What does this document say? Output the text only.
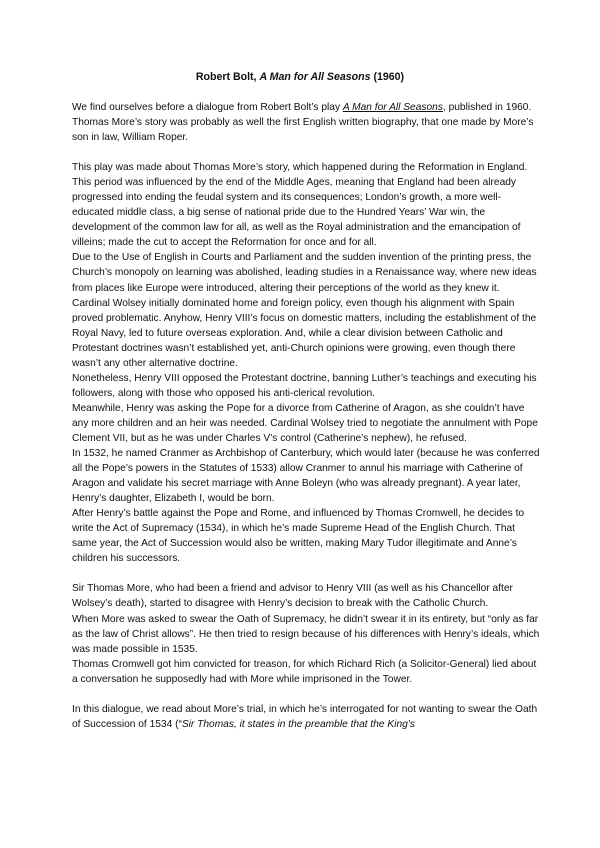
Robert Bolt, A Man for All Seasons (1960)

We find ourselves before a dialogue from Robert Bolt’s play A Man for All Seasons, published in 1960. Thomas More’s story was probably as well the first English written biography, that one made by More’s son in law, William Roper.

This play was made about Thomas More’s story, which happened during the Reformation in England. This period was influenced by the end of the Middle Ages, meaning that England had been already progressed into ending the feudal system and its consequences; London’s growth, a more well-educated middle class, a big sense of national pride due to the Hundred Years’ War win, the development of the common law for all, as well as the Royal administration and the emancipation of villeins; made the cut to accept the Reformation for once and for all.

Due to the Use of English in Courts and Parliament and the sudden invention of the printing press, the Church’s monopoly on learning was abolished, leading studies in a Renaissance way, where new ideas from places like Europe were introduced, altering their perceptions of the world as they knew it.

Cardinal Wolsey initially dominated home and foreign policy, even though his alignment with Spain proved problematic. Anyhow, Henry VIII’s focus on domestic matters, including the establishment of the Royal Navy, led to future overseas exploration. And, while a clear division between Catholic and Protestant doctrines wasn’t established yet, anti-Church opinions were growing, even though there wasn’t any other alternative doctrine.

Nonetheless, Henry VIII opposed the Protestant doctrine, banning Luther’s teachings and executing his followers, along with those who opposed his anti-clerical revolution.

Meanwhile, Henry was asking the Pope for a divorce from Catherine of Aragon, as she couldn’t have any more children and an heir was needed. Cardinal Wolsey tried to negotiate the annulment with Pope Clement VII, but as he was under Charles V’s control (Catherine’s nephew), he refused.

In 1532, he named Cranmer as Archbishop of Canterbury, which would later (because he was conferred all the Pope’s powers in the Statutes of 1533) allow Cranmer to annul his marriage with Catherine of Aragon and validate his secret marriage with Anne Boleyn (who was already pregnant). A year later, Henry’s daughter, Elizabeth I, would be born.

After Henry’s battle against the Pope and Rome, and influenced by Thomas Cromwell, he decides to write the Act of Supremacy (1534), in which he’s made Supreme Head of the English Church. That same year, the Act of Succession would also be written, making Mary Tudor illegitimate and Anne’s children his successors.

Sir Thomas More, who had been a friend and advisor to Henry VIII (as well as his Chancellor after Wolsey’s death), started to disagree with Henry’s decision to break with the Catholic Church.

When More was asked to swear the Oath of Supremacy, he didn’t swear it in its entirety, but “only as far as the law of Christ allows”. He then tried to resign because of his differences with Henry’s ideals, which was made possible in 1535.

Thomas Cromwell got him convicted for treason, for which Richard Rich (a Solicitor-General) lied about a conversation he supposedly had with More while imprisoned in the Tower.

In this dialogue, we read about More’s trial, in which he’s interrogated for not wanting to swear the Oath of Succession of 1534 (“Sir Thomas, it states in the preamble that the King’s
